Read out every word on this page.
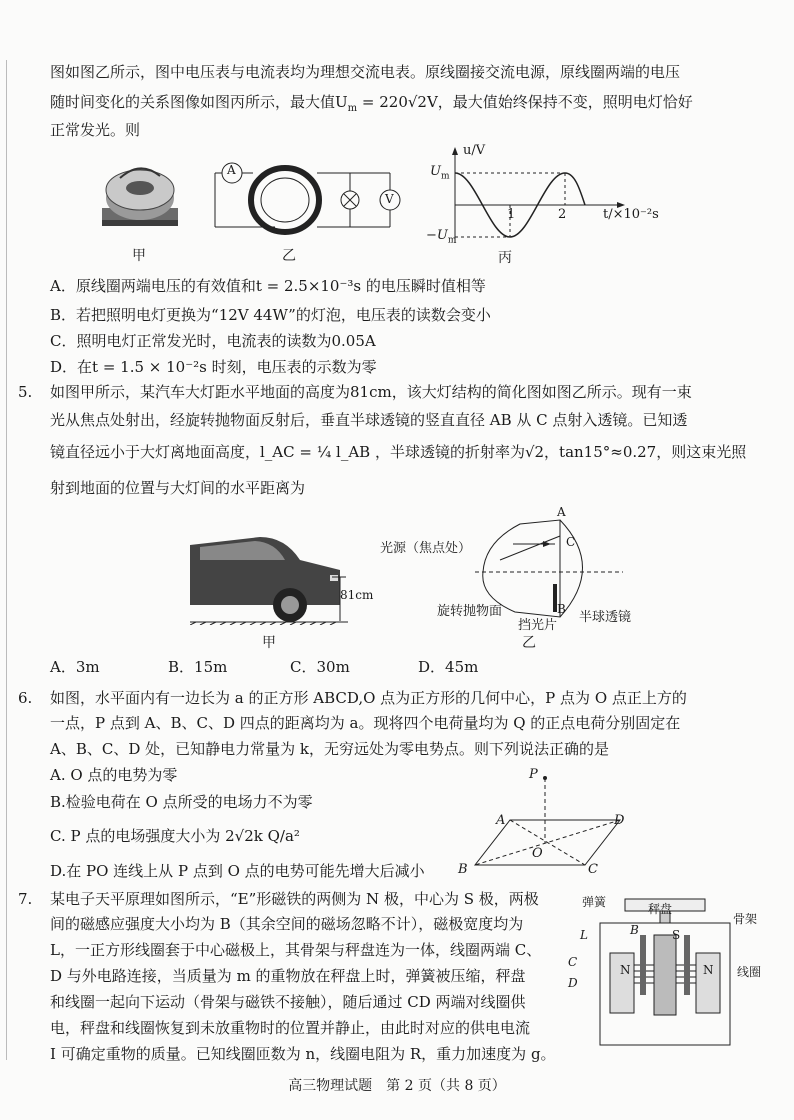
图如图乙所示，图中电压表与电流表均为理想交流电表。原线圈接交流电源，原线圈两端的电压
随时间变化的关系图像如图丙所示，最大值$U_m = 220√2V$，最大值始终保持不变，照明电灯恰好
正常发光。则
甲
A
V
乙
u/V
$U_m$
$-U_m$
1	2	t/×10⁻²s
丙
A．原线圈两端电压的有效值和t = 2.5×10⁻³s 的电压瞬时值相等
B．若把照明电灯更换为“12V 44W”的灯泡，电压表的读数会变小
C．照明电灯正常发光时，电流表的读数为0.05A
D．在t = 1.5 × 10⁻²s 时刻，电压表的示数为零
5. 如图甲所示，某汽车大灯距水平地面的高度为81cm，该大灯结构的简化图如图乙所示。现有一束
光从焦点处射出，经旋转抛物面反射后，垂直半球透镜的竖直直径 AB 从 C 点射入透镜。已知透
镜直径远小于大灯离地面高度，l_AC = ¼ l_AB ，半球透镜的折射率为√2，tan15°≈0.27，则这束光照
射到地面的位置与大灯间的水平距离为
81cm
甲
A
C
B
光源（焦点处）
旋转抛物面
挡光片
半球透镜
乙
A．3m	B．15m	C．30m	D．45m
6. 如图，水平面内有一边长为 a 的正方形 ABCD,O 点为正方形的几何中心，P 点为 O 点正上方的
一点，P 点到 A、B、C、D 四点的距离均为 a。现将四个电荷量均为 Q 的正点电荷分别固定在
A、B、C、D 处，已知静电力常量为 k，无穷远处为零电势点。则下列说法正确的是
A. O 点的电势为零
B.检验电荷在 O 点所受的电场力不为零
C. P 点的电场强度大小为 2√2k Q/a²
D.在 PO 连线上从 P 点到 O 点的电势可能先增大后减小
P
A	D
B	C
O
7. 某电子天平原理如图所示，“E”形磁铁的两侧为 N 极，中心为 S 极，两极
间的磁感应强度大小均为 B（其余空间的磁场忽略不计），磁极宽度均为
L，一正方形线圈套于中心磁极上，其骨架与秤盘连为一体，线圈两端 C、
D 与外电路连接，当质量为 m 的重物放在秤盘上时，弹簧被压缩，秤盘
和线圈一起向下运动（骨架与磁铁不接触），随后通过 CD 两端对线圈供
电，秤盘和线圈恢复到未放重物时的位置并静止，由此时对应的供电电流
I 可确定重物的质量。已知线圈匝数为 n，线圈电阻为 R，重力加速度为 g。
弹簧	秤盘
骨架
线圈
N	N
S
L	B
C
D
高三物理试题　第 2 页（共 8 页）
